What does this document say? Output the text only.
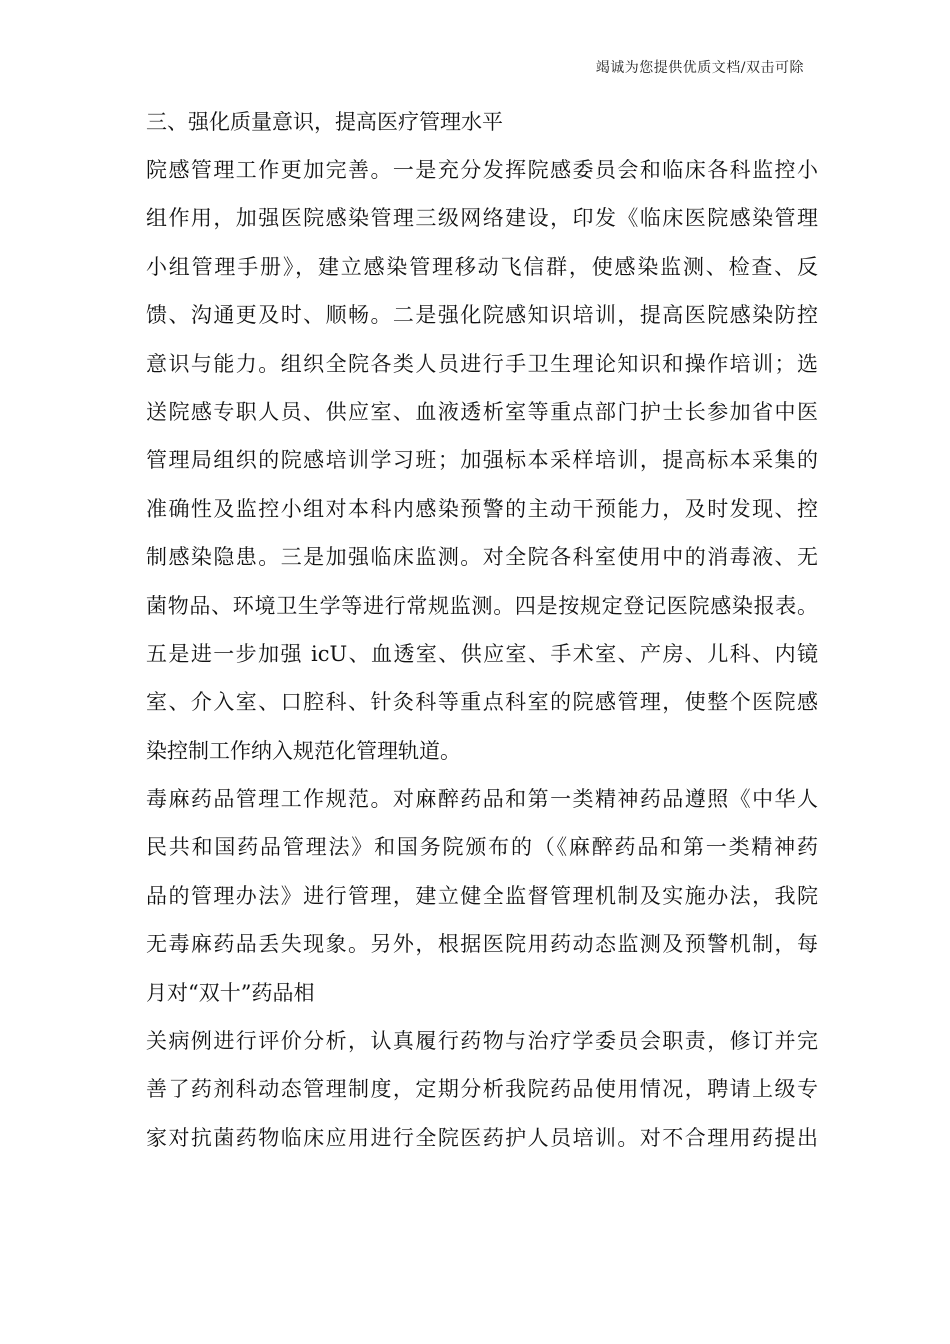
竭诚为您提供优质文档/双击可除
三、强化质量意识，提高医疗管理水平
院感管理工作更加完善。一是充分发挥院感委员会和临床各科监控小
组作用，加强医院感染管理三级网络建设，印发《临床医院感染管理
小组管理手册》，建立感染管理移动飞信群，使感染监测、检查、反
馈、沟通更及时、顺畅。二是强化院感知识培训，提高医院感染防控
意识与能力。组织全院各类人员进行手卫生理论知识和操作培训；选
送院感专职人员、供应室、血液透析室等重点部门护士长参加省中医
管理局组织的院感培训学习班；加强标本采样培训，提高标本采集的
准确性及监控小组对本科内感染预警的主动干预能力，及时发现、控
制感染隐患。三是加强临床监测。对全院各科室使用中的消毒液、无
菌物品、环境卫生学等进行常规监测。四是按规定登记医院感染报表。
五是进一步加强 icU、血透室、供应室、手术室、产房、儿科、内镜
室、介入室、口腔科、针灸科等重点科室的院感管理，使整个医院感
染控制工作纳入规范化管理轨道。
毒麻药品管理工作规范。对麻醉药品和第一类精神药品遵照《中华人
民共和国药品管理法》和国务院颁布的（《麻醉药品和第一类精神药
品的管理办法》进行管理，建立健全监督管理机制及实施办法，我院
无毒麻药品丢失现象。另外，根据医院用药动态监测及预警机制，每
月对“双十”药品相
关病例进行评价分析，认真履行药物与治疗学委员会职责，修订并完
善了药剂科动态管理制度，定期分析我院药品使用情况，聘请上级专
家对抗菌药物临床应用进行全院医药护人员培训。对不合理用药提出
